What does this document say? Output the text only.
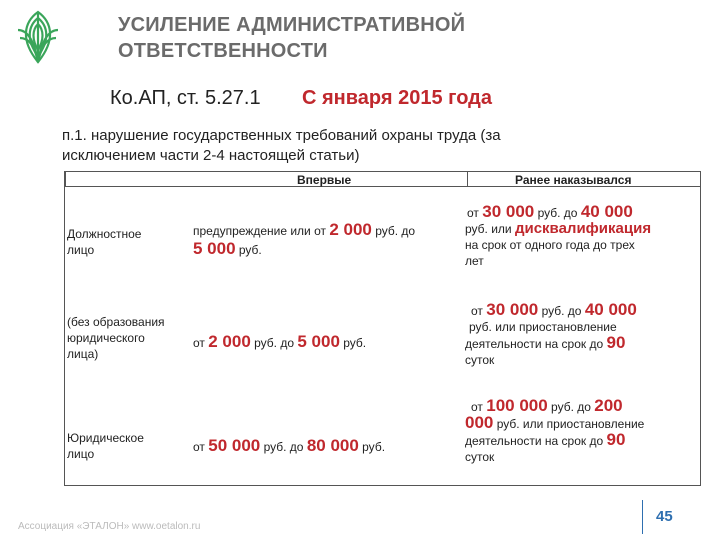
УСИЛЕНИЕ АДМИНИСТРАТИВНОЙ
ОТВЕТСТВЕННОСТИ
Ко.АП, ст. 5.27.1 С января 2015 года
п.1. нарушение государственных требований охраны труда (за
исключением части 2-4 настоящей статьи)
Впервые	Ранее наказывался
Должностное
лицо
предупреждение или от 2 000 руб. до
5 000 руб.
от 30 000 руб. до 40 000
руб. или дисквалификация
на срок от одного года до трех
лет
(без образования
юридического
лица)
от 2 000 руб. до 5 000 руб.
от 30 000 руб. до 40 000
руб. или приостановление
деятельности на срок до 90
суток
Юридическое
лицо	от 50 000 руб. до 80 000 руб.
от 100 000 руб. до 200
000 руб. или приостановление
деятельности на срок до 90
суток
Ассоциация «ЭТАЛОН» www.oetalon.ru
45
